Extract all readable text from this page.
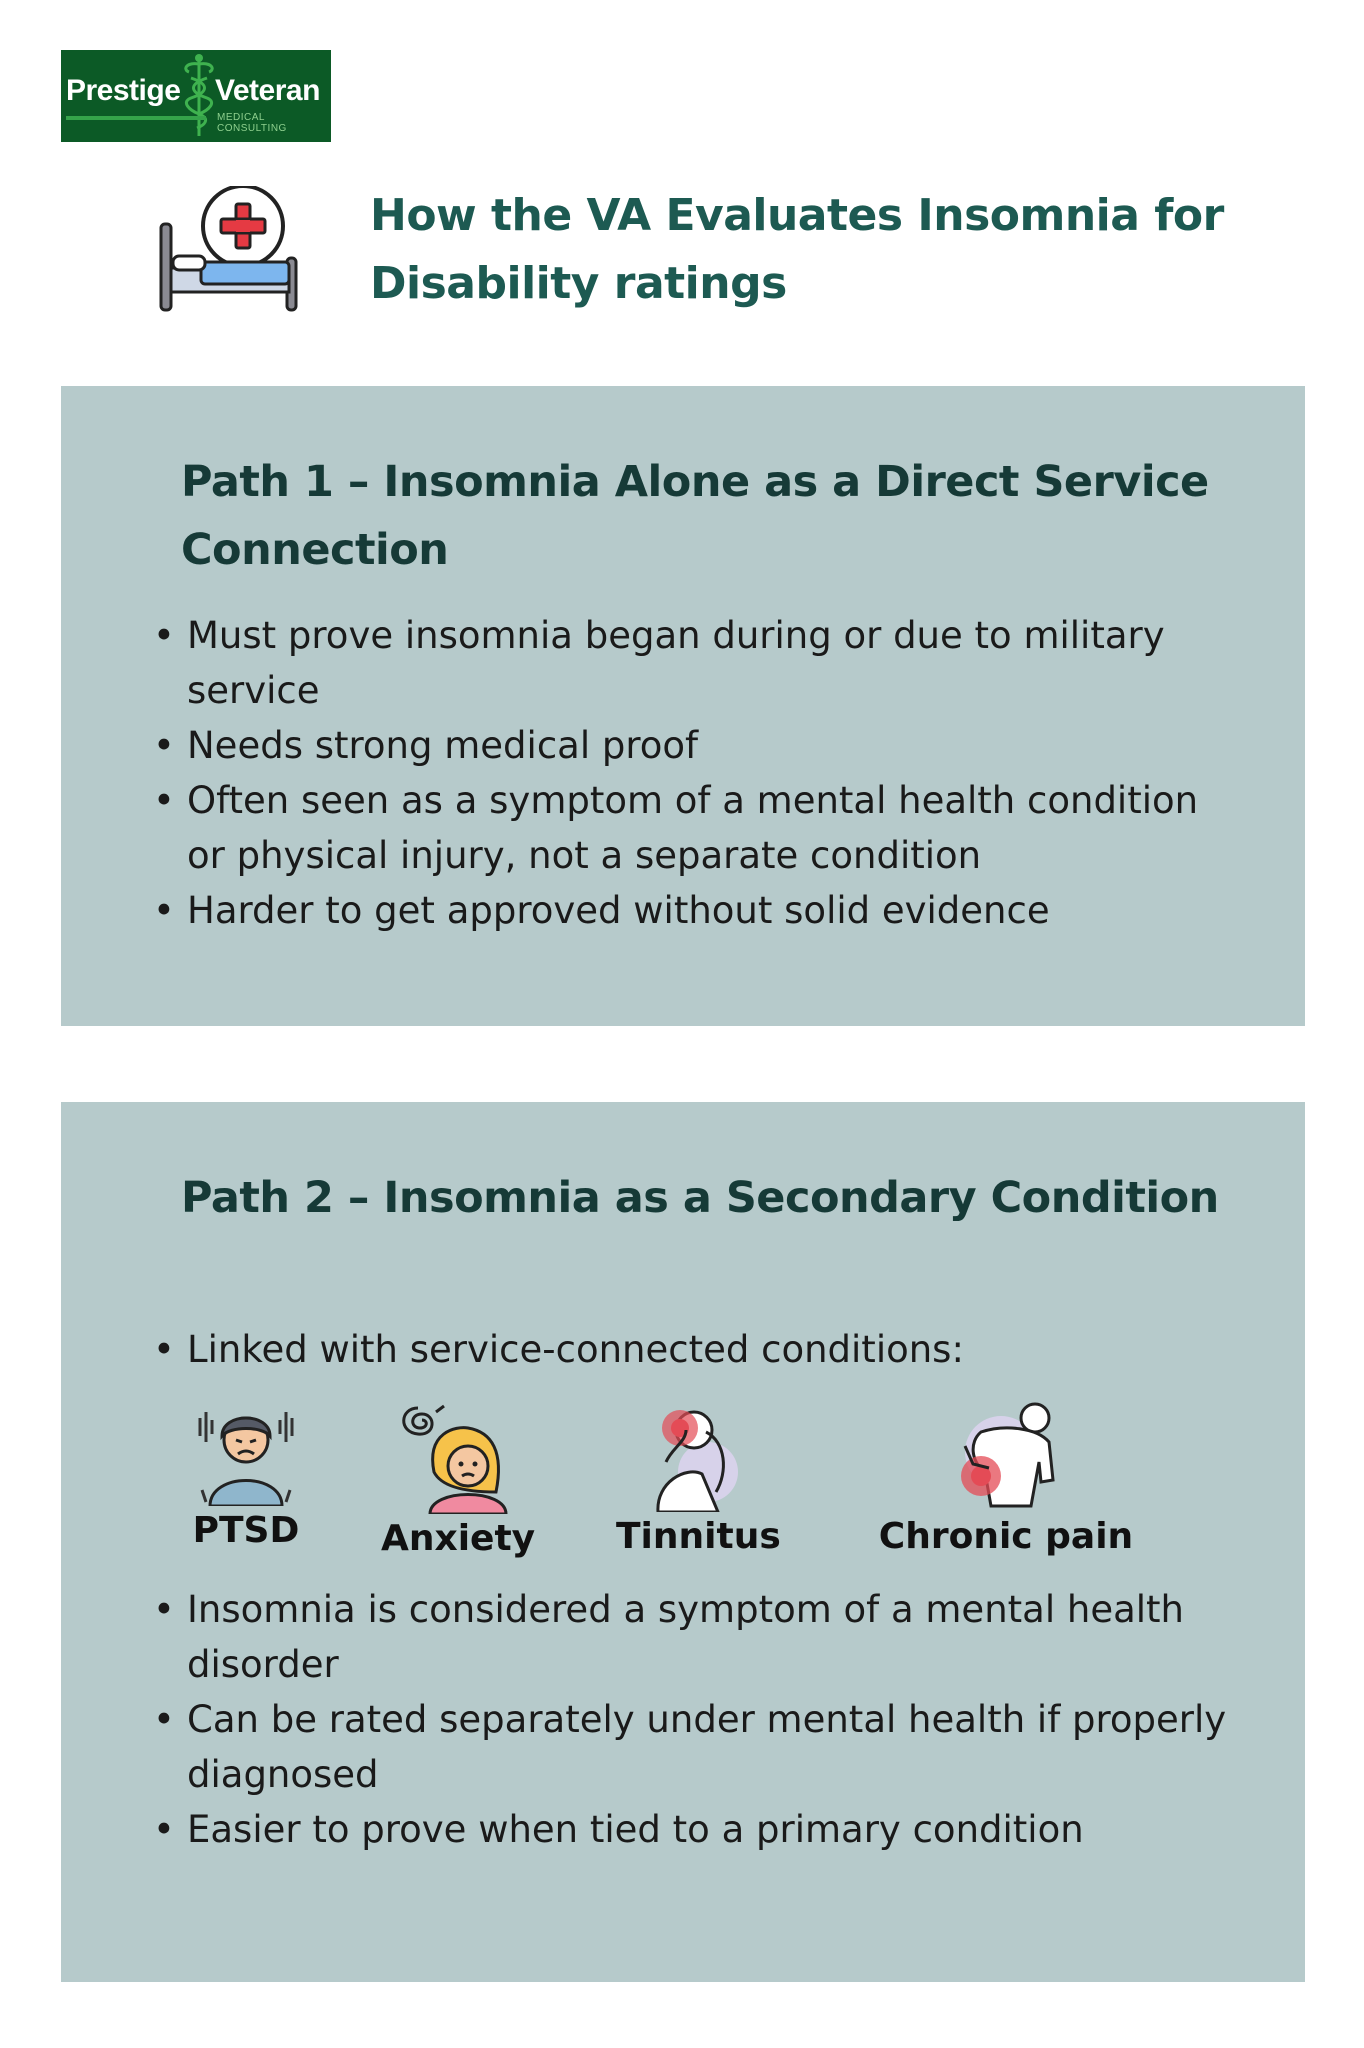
Prestige Veteran
MEDICAL CONSULTING
How the VA Evaluates Insomnia for Disability ratings
Path 1 – Insomnia Alone as a Direct Service Connection
• Must prove insomnia began during or due to military service
• Needs strong medical proof
• Often seen as a symptom of a mental health condition or physical injury, not a separate condition
• Harder to get approved without solid evidence
Path 2 – Insomnia as a Secondary Condition
• Linked with service-connected conditions:
PTSD	Anxiety Tinnitus	Chronic pain
• Insomnia is considered a symptom of a mental health disorder
• Can be rated separately under mental health if properly diagnosed
• Easier to prove when tied to a primary condition
